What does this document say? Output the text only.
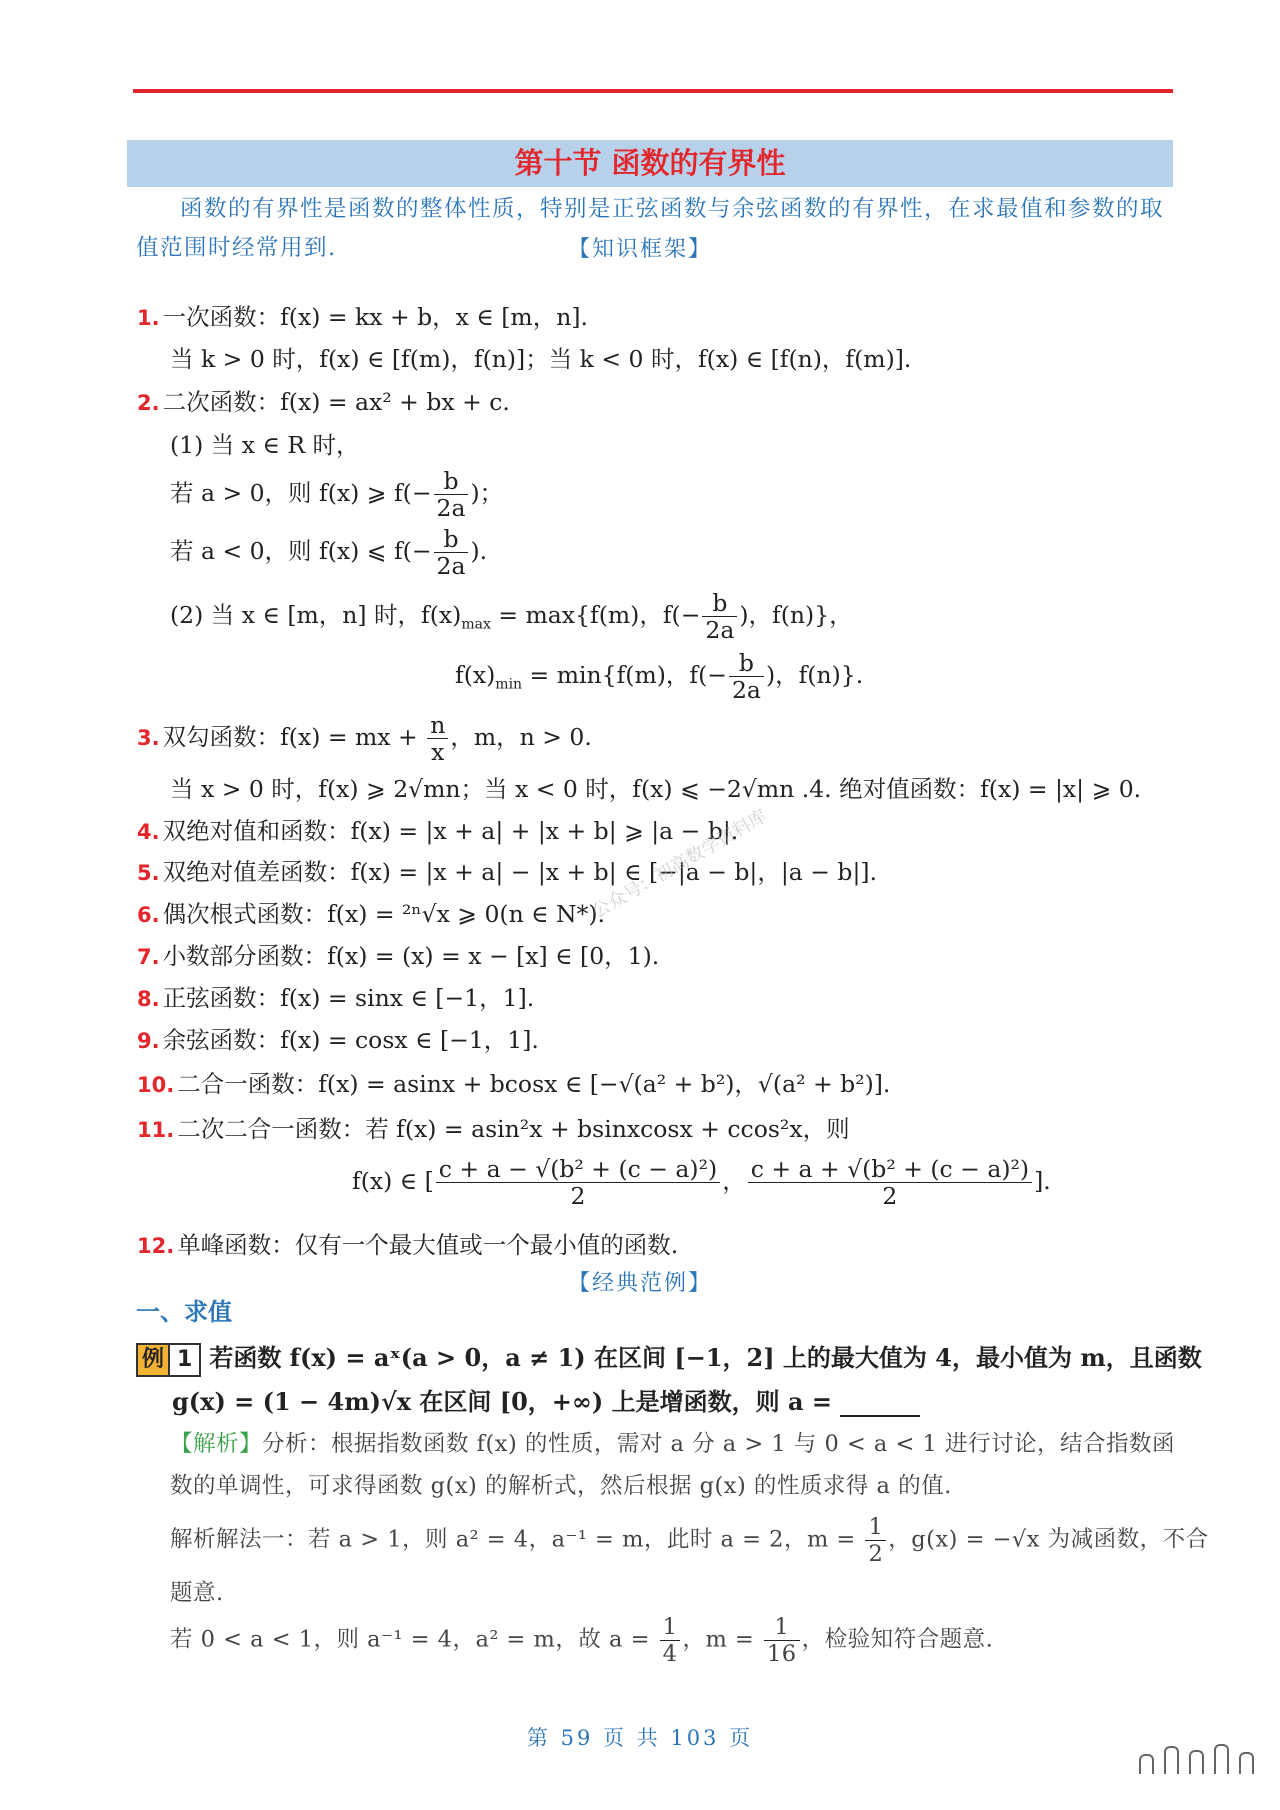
第十节 函数的有界性
函数的有界性是函数的整体性质，特别是正弦函数与余弦函数的有界性，在求最值和参数的取值范围时经常用到.	【知识框架】
1. 一次函数：f(x) = kx + b，x ∈ [m，n].
当 k > 0 时，f(x) ∈ [f(m)，f(n)]；当 k < 0 时，f(x) ∈ [f(n)，f(m)].
2. 二次函数：f(x) = ax² + bx + c.
(1) 当 x ∈ R 时，
若 a > 0，则 f(x) ⩾ $f(- \frac{b}{2a}$ )；
若 a < 0，则 f(x) ⩽ $f(- \frac{b}{2a}$ ).
(2) 当 x ∈ [m，n] 时，$f(x)_{max} = \max\{f(m)$，$f(- \frac{b}{2a}$ )，f(n)}，
$f(x)_{min} = \min\{f(m)$，$f(- \frac{b}{2a}$ )，f(n)}.
3. 双勾函数：f(x) = mx + $\frac{n}{x}$ ，m，n > 0.
当 x > 0 时，f(x) ⩾ 2√mn；当 x < 0 时，f(x) ⩽ −2√mn .4. 绝对值函数：f(x) = |x| ⩾ 0.
4. 双绝对值和函数：f(x) = |x + a| + |x + b| ⩾ |a − b|.
5. 双绝对值差函数：f(x) = |x + a| − |x + b| ∈ [−|a − b|，|a − b|].
6. 偶次根式函数：f(x) = ²ⁿ√x ⩾ 0(n ∈ N*).
7. 小数部分函数：f(x) = (x) = x − [x] ∈ [0，1).
8. 正弦函数：f(x) = sinx ∈ [−1，1].
9. 余弦函数：f(x) = cosx ∈ [−1，1].
10. 二合一函数：f(x) = asinx + bcosx ∈ [−√(a² + b²)，√(a² + b²)].
11. 二次二合一函数：若 f(x) = asin²x + bsinxcosx + ccos²x，则
f(x) ∈ [ $\frac{\text{c + a − √(b² + (c − a)²)}}{2}$ ， $\frac{\text{c + a + √(b² + (c − a)²)}}{2}$ ].
12. 单峰函数：仅有一个最大值或一个最小值的函数.
【经典范例】
一、求值
例 1 若函数 f(x) = aˣ(a > 0，a ≠ 1) 在区间 [−1，2] 上的最大值为 4，最小值为 m，且函数
g(x) = (1 − 4m)√x 在区间 [0，+∞) 上是增函数，则 a =
【解析】分析：根据指数函数 f(x) 的性质，需对 a 分 a > 1 与 0 < a < 1 进行讨论，结合指数函
数的单调性，可求得函数 g(x) 的解析式，然后根据 g(x) 的性质求得 a 的值.
解析解法一：若 a > 1，则 a² = 4，a⁻¹ = m，此时 a = 2，$m = \frac{1}{2}$ ，g(x) = −√x 为减函数，不合
题意.
若 0 < a < 1，则 a⁻¹ = 4，a² = m，故 $a = \frac{1}{4}$ ，$m = \frac{1}{16}$ ，检验知符合题意.
公众号：初高数学资料库
第 59 页 共 103 页
